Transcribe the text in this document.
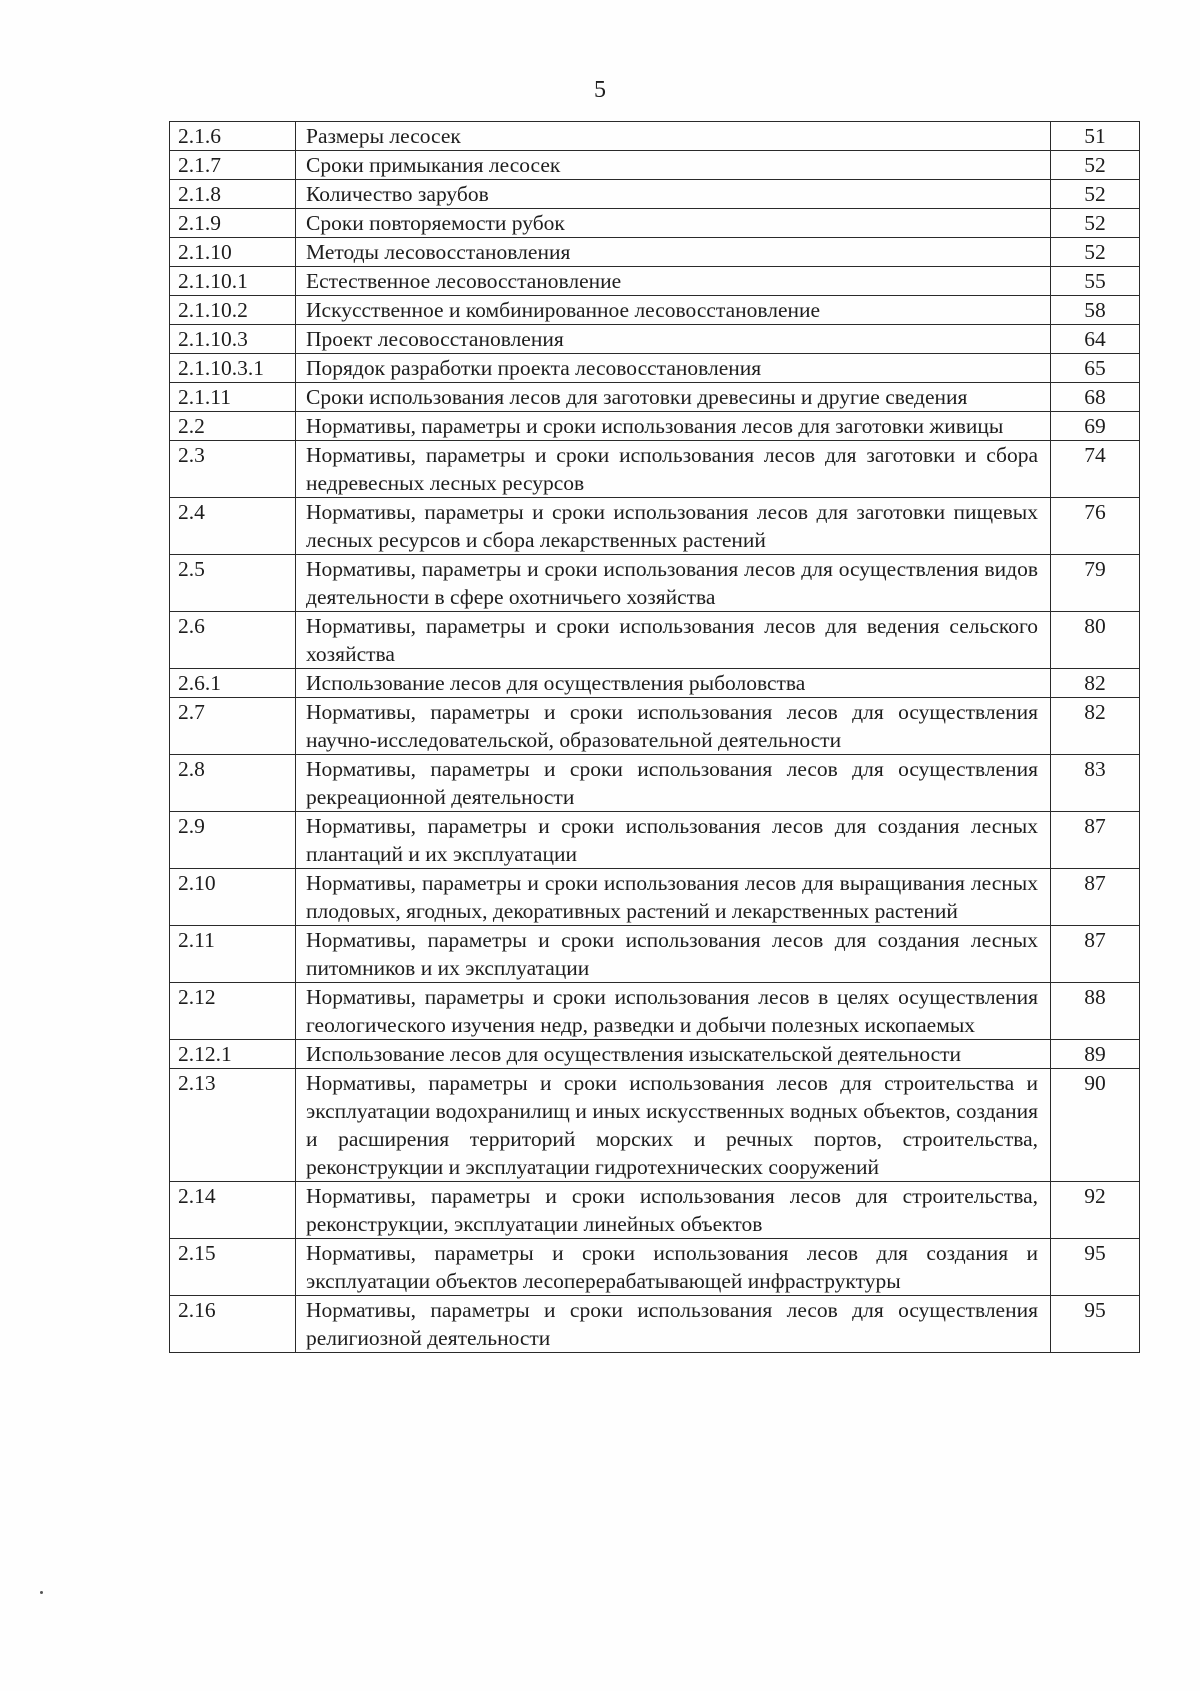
5
2.1.6	Размеры лесосек	51
2.1.7	Сроки примыкания лесосек	52
2.1.8	Количество зарубов	52
2.1.9	Сроки повторяемости рубок	52
2.1.10	Методы лесовосстановления	52
2.1.10.1	Естественное лесовосстановление	55
2.1.10.2	Искусственное и комбинированное лесовосстановление	58
2.1.10.3	Проект лесовосстановления	64
2.1.10.3.1	Порядок разработки проекта лесовосстановления	65
2.1.11	Сроки использования лесов для заготовки древесины и другие сведения	68
2.2	Нормативы, параметры и сроки использования лесов для заготовки живицы	69
2.3	Нормативы, параметры и сроки использования лесов для заготовки и сбора недревесных лесных ресурсов	74
2.4	Нормативы, параметры и сроки использования лесов для заготовки пищевых лесных ресурсов и сбора лекарственных растений	76
2.5	Нормативы, параметры и сроки использования лесов для осуществления видов деятельности в сфере охотничьего хозяйства	79
2.6	Нормативы, параметры и сроки использования лесов для ведения сельского хозяйства	80
2.6.1	Использование лесов для осуществления рыболовства	82
2.7	Нормативы, параметры и сроки использования лесов для осуществления научно-исследовательской, образовательной деятельности	82
2.8	Нормативы, параметры и сроки использования лесов для осуществления рекреационной деятельности	83
2.9	Нормативы, параметры и сроки использования лесов для создания лесных плантаций и их эксплуатации	87
2.10	Нормативы, параметры и сроки использования лесов для выращивания лесных плодовых, ягодных, декоративных растений и лекарственных растений	87
2.11	Нормативы, параметры и сроки использования лесов для создания лесных питомников и их эксплуатации	87
2.12	Нормативы, параметры и сроки использования лесов в целях осуществления геологического изучения недр, разведки и добычи полезных ископаемых	88
2.12.1	Использование лесов для осуществления изыскательской деятельности	89
2.13	Нормативы, параметры и сроки использования лесов для строительства и эксплуатации водохранилищ и иных искусственных водных объектов, создания и расширения территорий морских и речных портов, строительства, реконструкции и эксплуатации гидротехнических сооружений	90
2.14	Нормативы, параметры и сроки использования лесов для строительства, реконструкции, эксплуатации линейных объектов	92
2.15	Нормативы, параметры и сроки использования лесов для создания и эксплуатации объектов лесоперерабатывающей инфраструктуры	95
2.16	Нормативы, параметры и сроки использования лесов для осуществления религиозной деятельности	95
